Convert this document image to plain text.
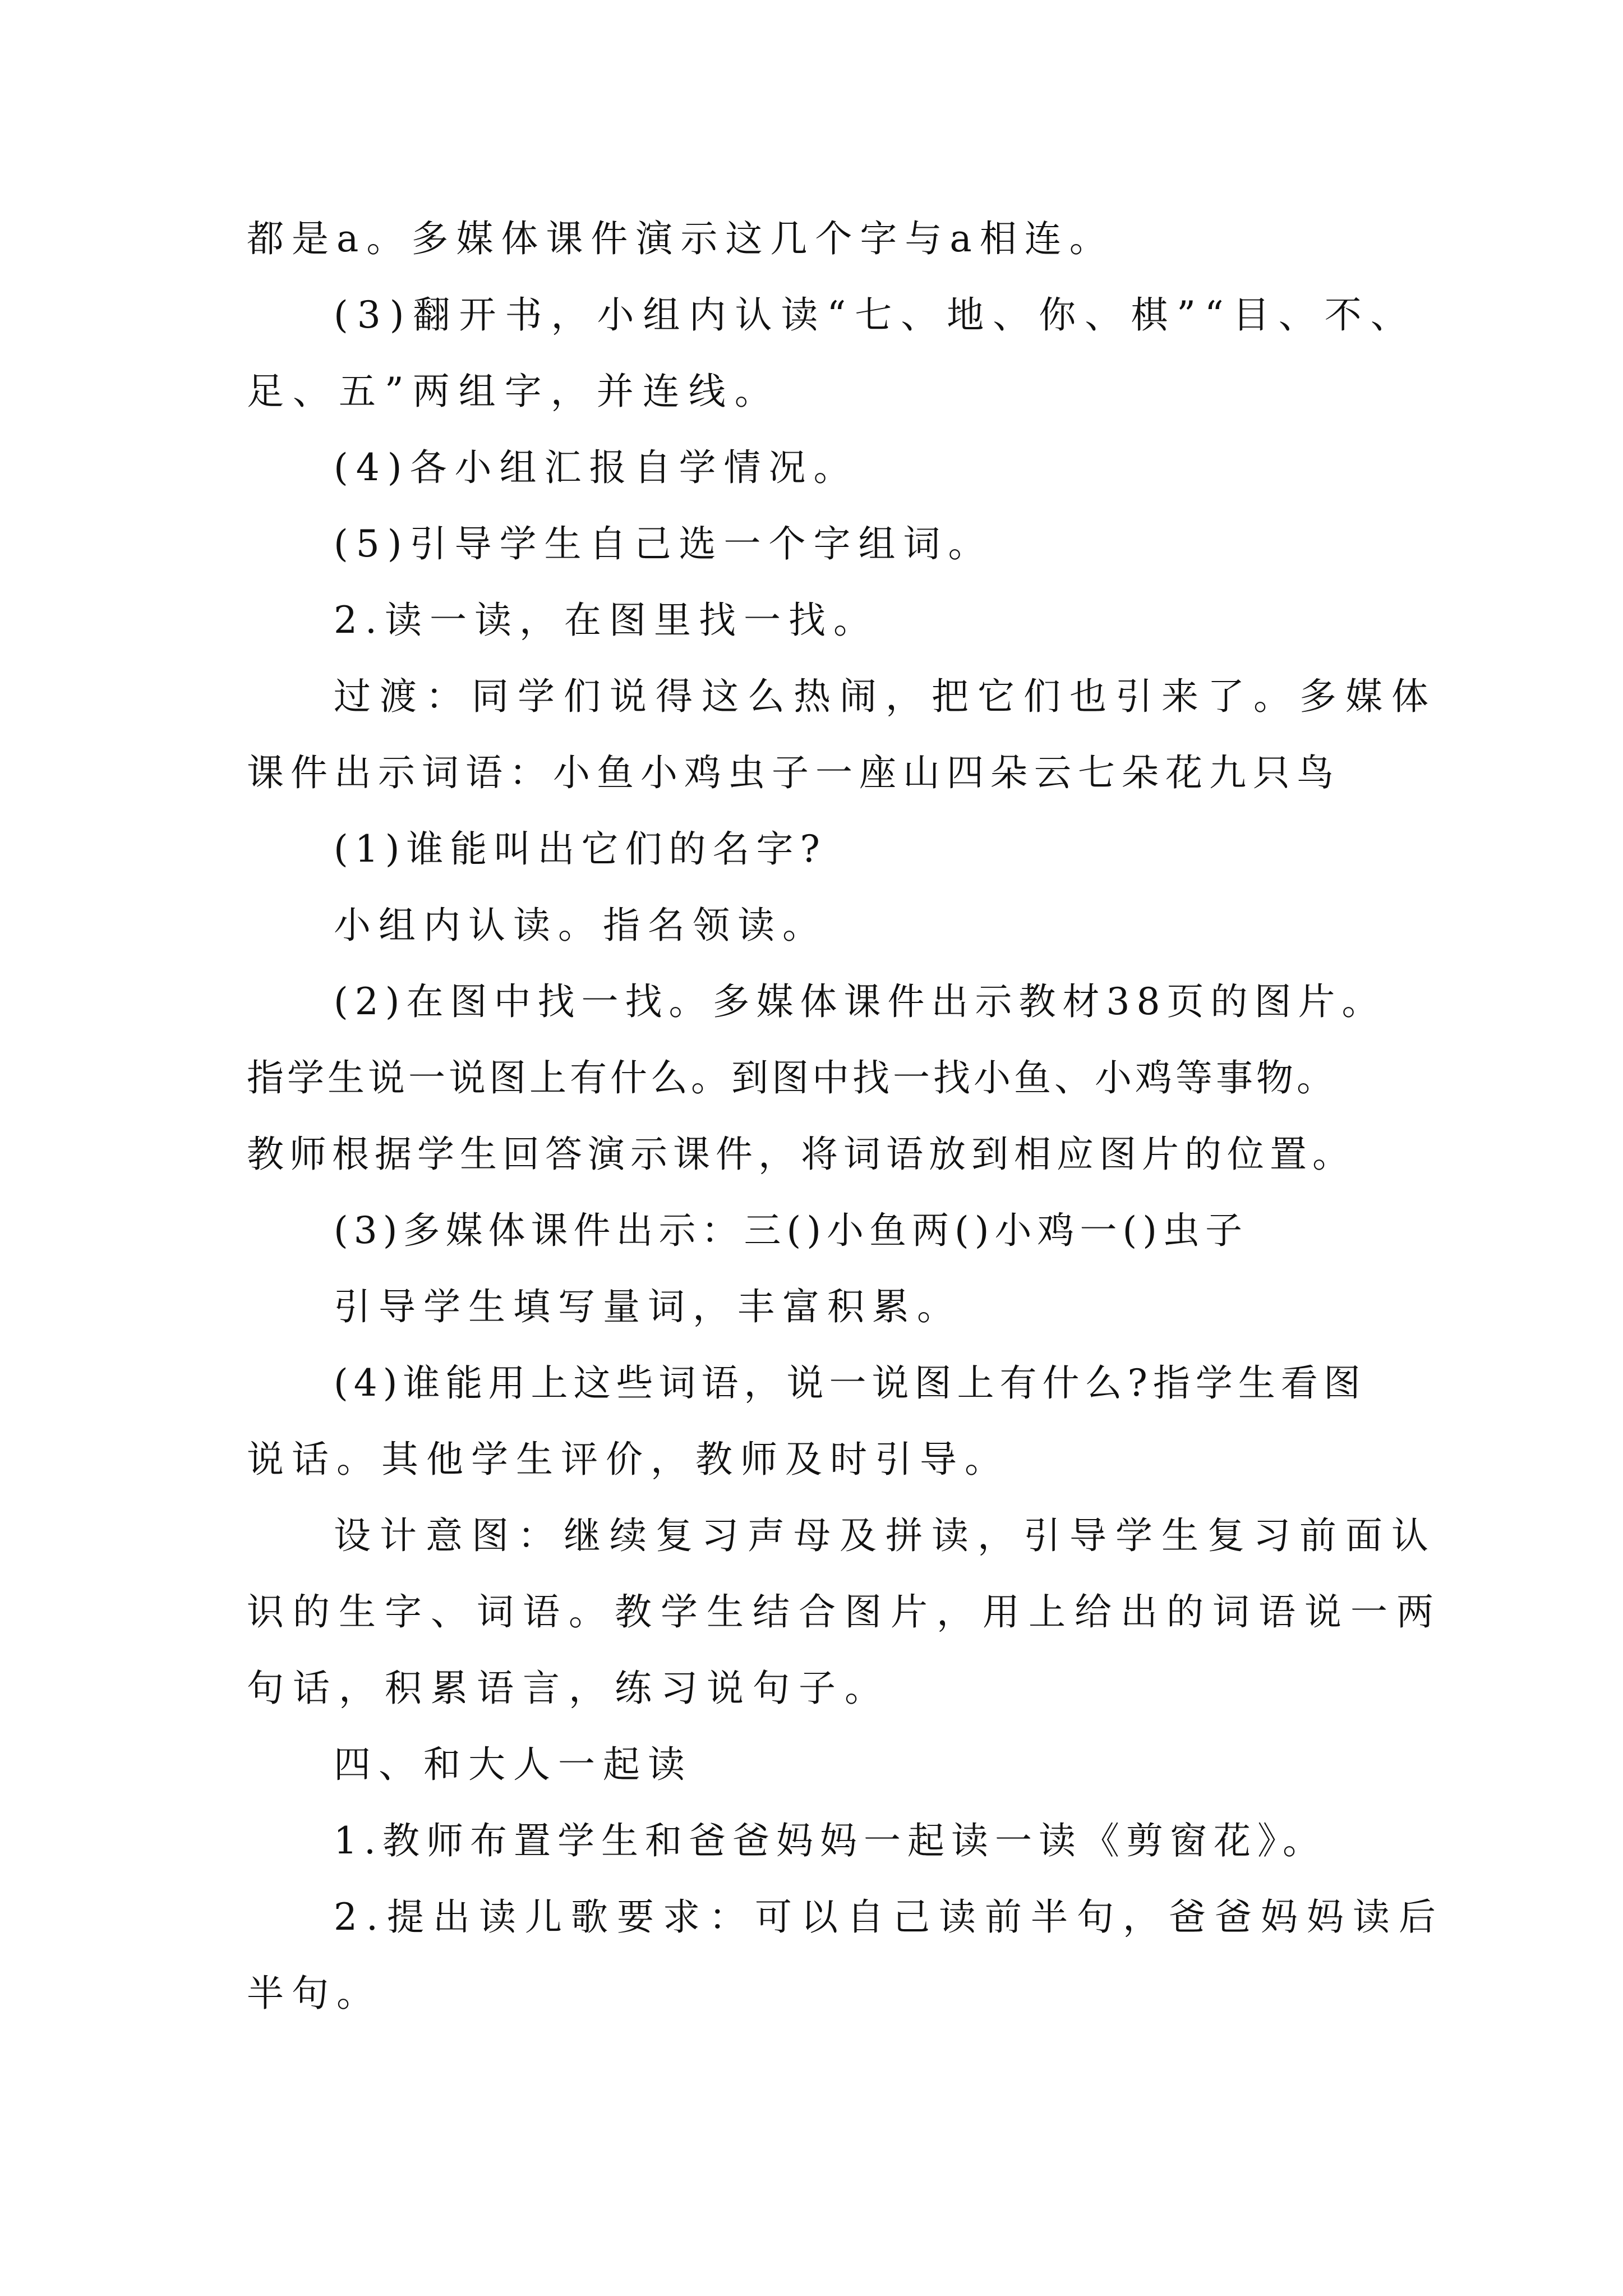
都是a。多媒体课件演示这几个字与a相连。
(3)翻开书，小组内认读“七、地、你、棋”“目、不、
足、五”两组字，并连线。
(4)各小组汇报自学情况。
(5)引导学生自己选一个字组词。
2.读一读，在图里找一找。
过渡：同学们说得这么热闹，把它们也引来了。多媒体
课件出示词语：小鱼小鸡虫子一座山四朵云七朵花九只鸟
(1)谁能叫出它们的名字?
小组内认读。指名领读。
(2)在图中找一找。多媒体课件出示教材38页的图片。
指学生说一说图上有什么。到图中找一找小鱼、小鸡等事物。
教师根据学生回答演示课件，将词语放到相应图片的位置。
(3)多媒体课件出示：三()小鱼两()小鸡一()虫子
引导学生填写量词，丰富积累。
(4)谁能用上这些词语，说一说图上有什么?指学生看图
说话。其他学生评价，教师及时引导。
设计意图：继续复习声母及拼读，引导学生复习前面认
识的生字、词语。教学生结合图片，用上给出的词语说一两
句话，积累语言，练习说句子。
四、和大人一起读
1.教师布置学生和爸爸妈妈一起读一读《剪窗花》。
2.提出读儿歌要求：可以自己读前半句，爸爸妈妈读后
半句。
